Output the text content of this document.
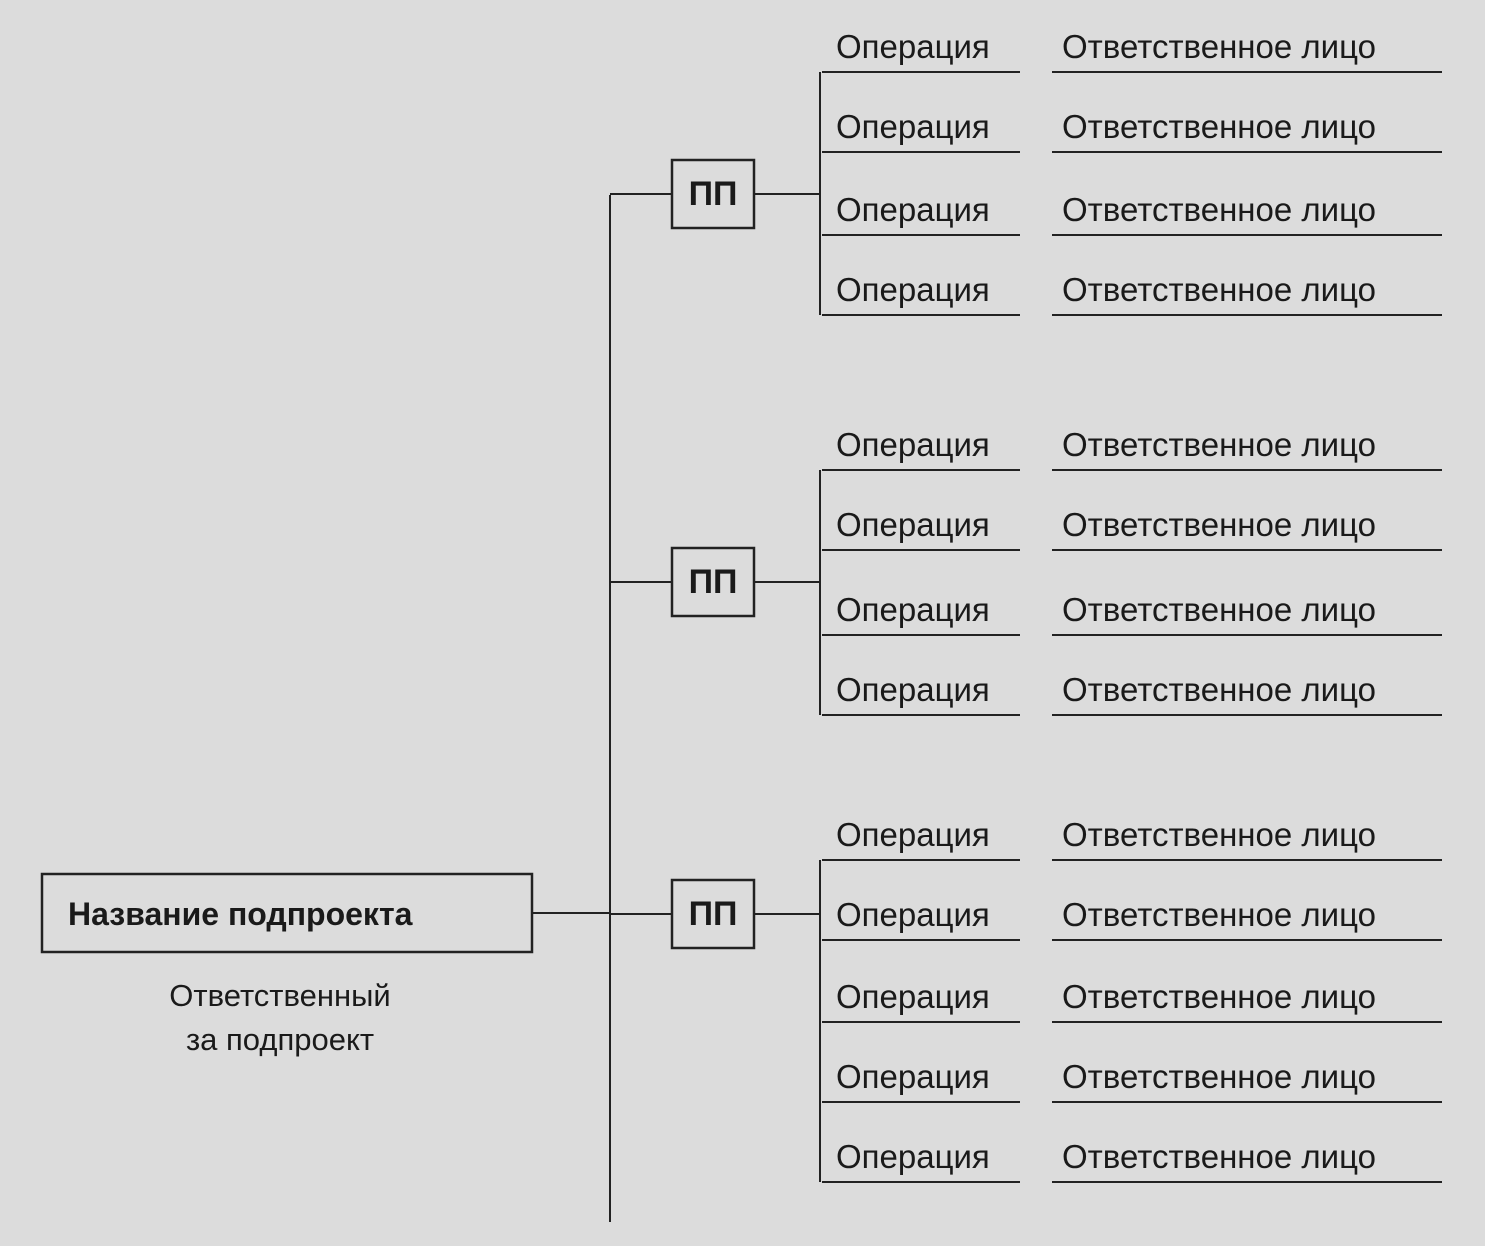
Название подпроекта
Ответственный
за подпроект
ПП
Операция Ответственное лицо
Операция Ответственное лицо
Операция Ответственное лицо
Операция Ответственное лицо
ПП
Операция Ответственное лицо
Операция Ответственное лицо
Операция Ответственное лицо
Операция Ответственное лицо
ПП
Операция Ответственное лицо
Операция Ответственное лицо
Операция Ответственное лицо
Операция Ответственное лицо
Операция Ответственное лицо
